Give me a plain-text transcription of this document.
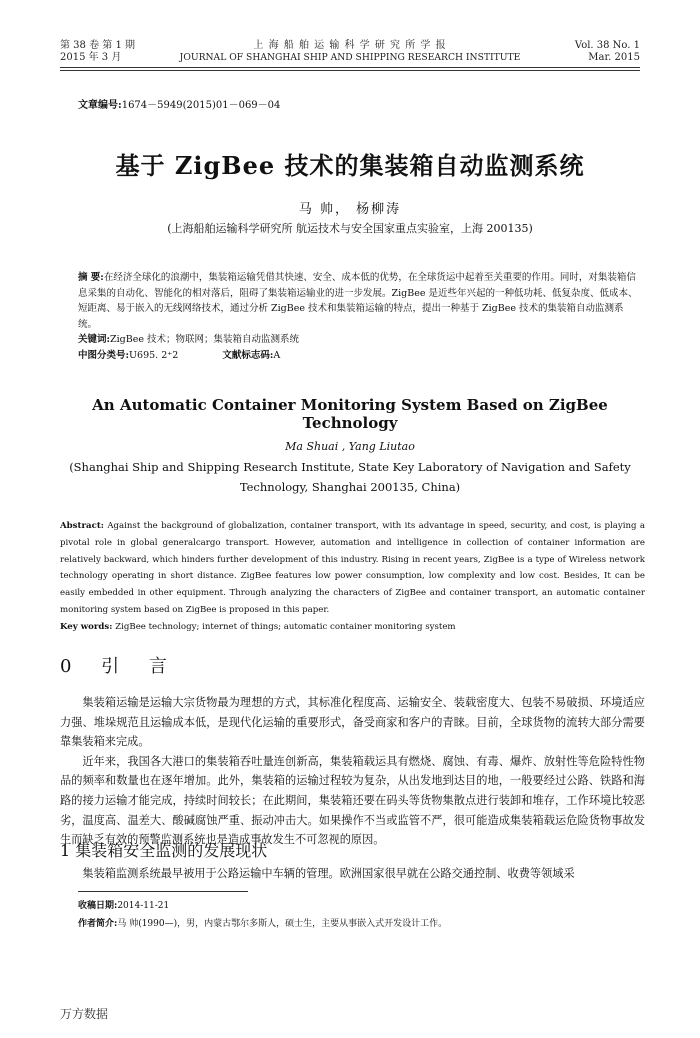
第 38 卷 第 1 期
2015 年 3 月
上 海 船 舶 运 输 科 学 研 究 所 学 报
JOURNAL OF SHANGHAI SHIP AND SHIPPING RESEARCH INSTITUTE
Vol. 38 No. 1
Mar. 2015
文章编号:1674－5949(2015)01－069－04
基于 ZigBee 技术的集装箱自动监测系统
马 帅， 杨柳涛
(上海船舶运输科学研究所 航运技术与安全国家重点实验室，上海 200135)
摘 要:在经济全球化的浪潮中，集装箱运输凭借其快速、安全、成本低的优势，在全球货运中起着至关重要的作用。同时，对集装箱信息采集的自动化、智能化的相对落后，阻碍了集装箱运输业的进一步发展。ZigBee 是近些年兴起的一种低功耗、低复杂度、低成本、短距离、易于嵌入的无线网络技术，通过分析 ZigBee 技术和集装箱运输的特点，提出一种基于 ZigBee 技术的集装箱自动监测系统。
关键词:ZigBee 技术；物联网；集装箱自动监测系统
中图分类号:U695. 2⁺2	文献标志码:A
An Automatic Container Monitoring System Based on ZigBee Technology
Ma Shuai , Yang Liutao
(Shanghai Ship and Shipping Research Institute, State Key Laboratory of Navigation and Safety Technology, Shanghai 200135, China)
Abstract: Against the background of globalization, container transport, with its advantage in speed, security, and cost, is playing a pivotal role in global generalcargo transport. However, automation and intelligence in collection of container information are relatively backward, which hinders further development of this industry. Rising in recent years, ZigBee is a type of Wireless network technology operating in short distance. ZigBee features low power consumption, low complexity and low cost. Besides, It can be easily embedded in other equipment. Through analyzing the characters of ZigBee and container transport, an automatic container monitoring system based on ZigBee is proposed in this paper.
Key words: ZigBee technology; internet of things; automatic container monitoring system
0 引 言

集装箱运输是运输大宗货物最为理想的方式，其标准化程度高、运输安全、装载密度大、包装不易破损、环境适应力强、堆垛规范且运输成本低，是现代化运输的重要形式，备受商家和客户的青睐。目前，全球货物的流转大部分需要靠集装箱来完成。

近年来，我国各大港口的集装箱吞吐量连创新高，集装箱载运具有燃烧、腐蚀、有毒、爆炸、放射性等危险特性物品的频率和数量也在逐年增加。此外，集装箱的运输过程较为复杂，从出发地到达目的地，一般要经过公路、铁路和海路的接力运输才能完成，持续时间较长；在此期间，集装箱还要在码头等货物集散点进行装卸和堆存，工作环境比较恶劣，温度高、温差大、酸碱腐蚀严重、振动冲击大。如果操作不当或监管不严，很可能造成集装箱载运危险货物事故发生而缺乏有效的预警监测系统也是造成事故发生不可忽视的原因。

1 集装箱安全监测的发展现状

集装箱监测系统最早被用于公路运输中车辆的管理。欧洲国家很早就在公路交通控制、收费等领域采

收稿日期:2014-11-21
作者简介:马 帅(1990—)，男，内蒙古鄂尔多斯人，硕士生，主要从事嵌入式开发设计工作。
万方数据
